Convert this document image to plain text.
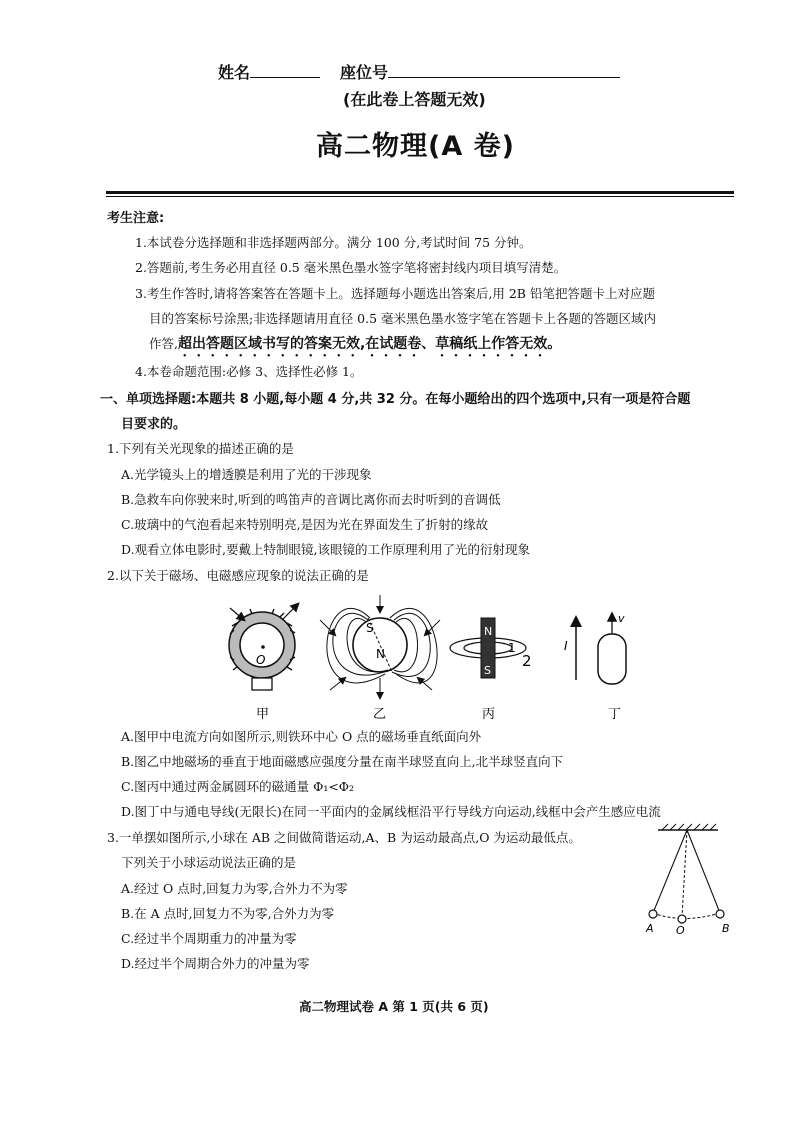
姓名	座位号
(在此卷上答题无效)
高二物理(A 卷)
考生注意:
1.本试卷分选择题和非选择题两部分。满分 100 分,考试时间 75 分钟。
2.答题前,考生务必用直径 0.5 毫米黑色墨水签字笔将密封线内项目填写清楚。
3.考生作答时,请将答案答在答题卡上。选择题每小题选出答案后,用 2B 铅笔把答题卡上对应题
目的答案标号涂黑;非选择题请用直径 0.5 毫米黑色墨水签字笔在答题卡上各题的答题区域内
作答,超出答题区域书写的答案无效,在试题卷、草稿纸上作答无效。
4.本卷命题范围:必修 3、选择性必修 1。
一、单项选择题:本题共 8 小题,每小题 4 分,共 32 分。在每小题给出的四个选项中,只有一项是符合题
目要求的。
1.下列有关光现象的描述正确的是
A.光学镜头上的增透膜是利用了光的干涉现象
B.急救车向你驶来时,听到的鸣笛声的音调比离你而去时听到的音调低
C.玻璃中的气泡看起来特别明亮,是因为光在界面发生了折射的缘故
D.观看立体电影时,要戴上特制眼镜,该眼镜的工作原理利用了光的衍射现象
2.以下关于磁场、电磁感应现象的说法正确的是
O
S
N
N
S
1
2
I
v
甲	乙	丙	丁
A.图甲中电流方向如图所示,则铁环中心 O 点的磁场垂直纸面向外
B.图乙中地磁场的垂直于地面磁感应强度分量在南半球竖直向上,北半球竖直向下
C.图丙中通过两金属圆环的磁通量 Φ₁<Φ₂
D.图丁中与通电导线(无限长)在同一平面内的金属线框沿平行导线方向运动,线框中会产生感应电流
3.一单摆如图所示,小球在 AB 之间做简谐运动,A、B 为运动最高点,O 为运动最低点。
下列关于小球运动说法正确的是
A.经过 O 点时,回复力为零,合外力不为零
B.在 A 点时,回复力不为零,合外力为零
C.经过半个周期重力的冲量为零
D.经过半个周期合外力的冲量为零
A O	B
高二物理试卷 A 第 1 页(共 6 页)
